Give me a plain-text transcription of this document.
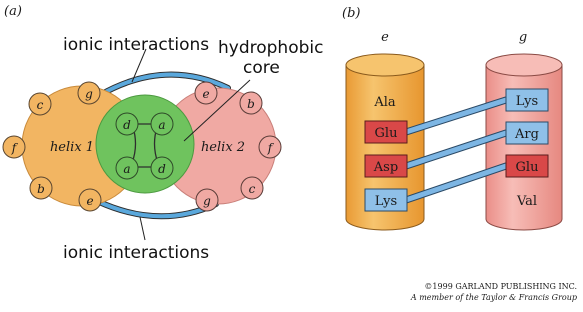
(a)
c
g
f
b
e
d
a
helix 1
e
b
f
c
g
a
d
helix 2
ionic interactions hydrophobic
core
ionic interactions
(b)
e	g
Ala
Glu
Asp
Lys
Lys
Arg
Glu
Val
©1999 GARLAND PUBLISHING INC.
A member of the Taylor & Francis Group
